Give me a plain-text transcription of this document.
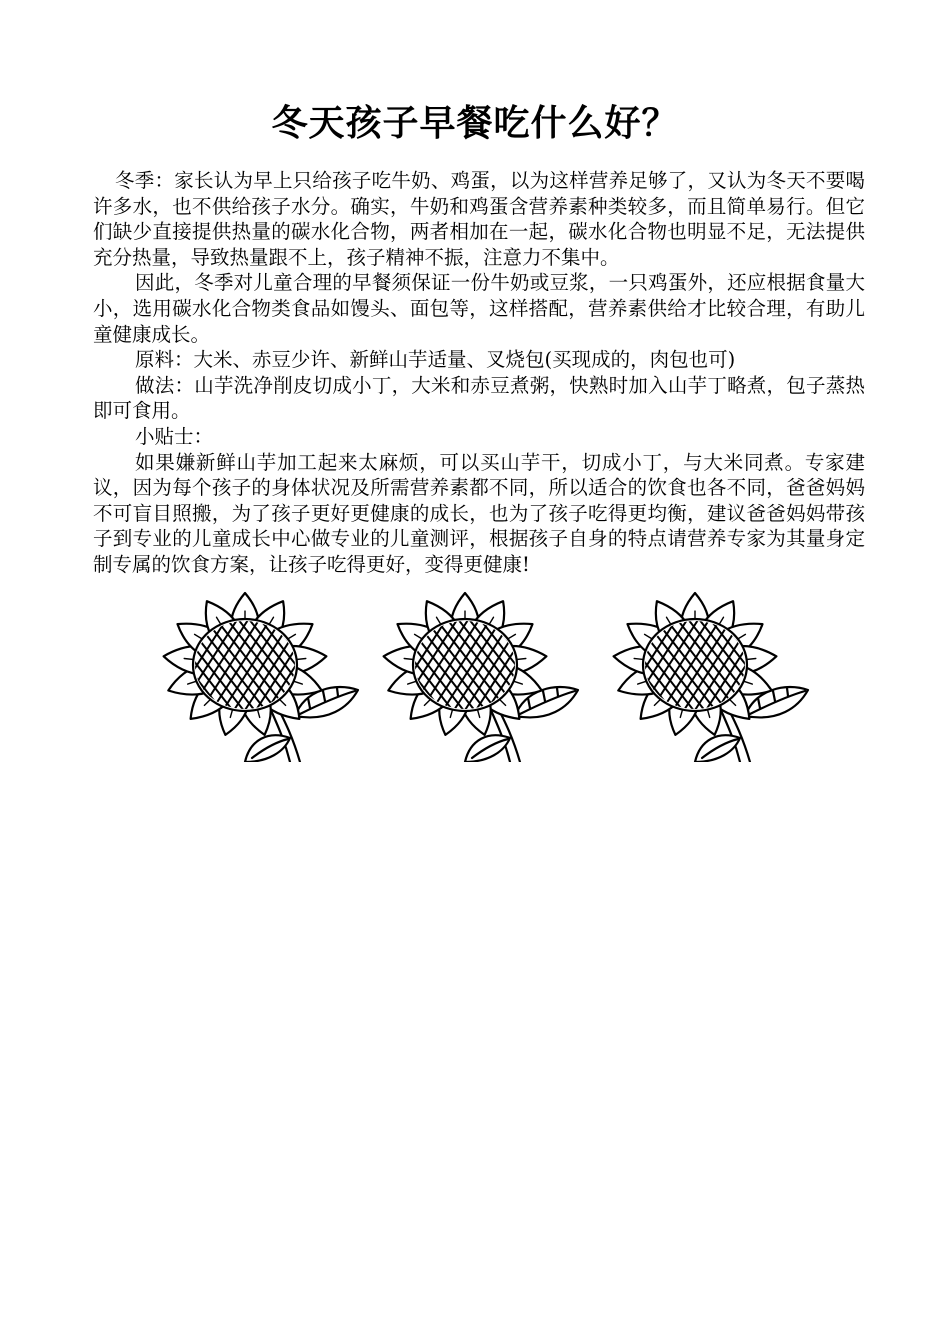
冬天孩子早餐吃什么好？

冬季：家长认为早上只给孩子吃牛奶、鸡蛋，以为这样营养足够了，又认为冬天不要喝许多水，也不供给孩子水分。确实，牛奶和鸡蛋含营养素种类较多，而且简单易行。但它们缺少直接提供热量的碳水化合物，两者相加在一起，碳水化合物也明显不足，无法提供充分热量，导致热量跟不上，孩子精神不振，注意力不集中。

因此，冬季对儿童合理的早餐须保证一份牛奶或豆浆，一只鸡蛋外，还应根据食量大小，选用碳水化合物类食品如馒头、面包等，这样搭配，营养素供给才比较合理，有助儿童健康成长。

原料：大米、赤豆少许、新鲜山芋适量、叉烧包(买现成的，肉包也可)

做法：山芋洗净削皮切成小丁，大米和赤豆煮粥，快熟时加入山芋丁略煮，包子蒸热即可食用。

小贴士：

如果嫌新鲜山芋加工起来太麻烦，可以买山芋干，切成小丁，与大米同煮。专家建议，因为每个孩子的身体状况及所需营养素都不同，所以适合的饮食也各不同，爸爸妈妈不可盲目照搬，为了孩子更好更健康的成长，也为了孩子吃得更均衡，建议爸爸妈妈带孩子到专业的儿童成长中心做专业的儿童测评，根据孩子自身的特点请营养专家为其量身定制专属的饮食方案，让孩子吃得更好，变得更健康!
